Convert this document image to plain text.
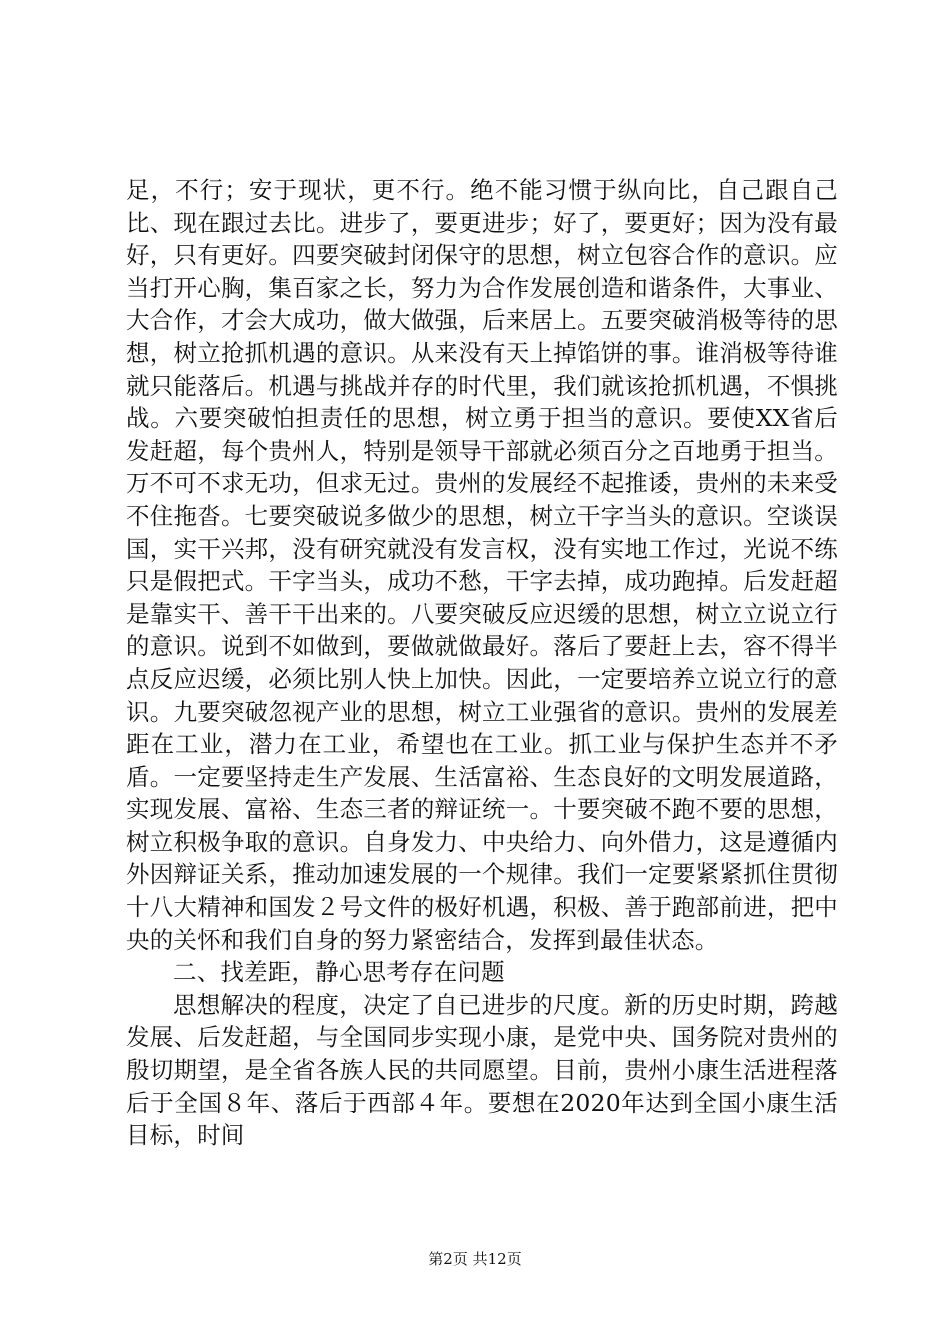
足，不行；安于现状，更不行。绝不能习惯于纵向比，自己跟自己比、现在跟过去比。进步了，要更进步；好了，要更好；因为没有最好，只有更好。四要突破封闭保守的思想，树立包容合作的意识。应当打开心胸，集百家之长，努力为合作发展创造和谐条件，大事业、大合作，才会大成功，做大做强，后来居上。五要突破消极等待的思想，树立抢抓机遇的意识。从来没有天上掉馅饼的事。谁消极等待谁就只能落后。机遇与挑战并存的时代里，我们就该抢抓机遇，不惧挑战。六要突破怕担责任的思想，树立勇于担当的意识。要使XX省后发赶超，每个贵州人，特别是领导干部就必须百分之百地勇于担当。万不可不求无功，但求无过。贵州的发展经不起推诿，贵州的未来受不住拖沓。七要突破说多做少的思想，树立干字当头的意识。空谈误国，实干兴邦，没有研究就没有发言权，没有实地工作过，光说不练只是假把式。干字当头，成功不愁，干字去掉，成功跑掉。后发赶超是靠实干、善干干出来的。八要突破反应迟缓的思想，树立立说立行的意识。说到不如做到，要做就做最好。落后了要赶上去，容不得半点反应迟缓，必须比别人快上加快。因此，一定要培养立说立行的意识。九要突破忽视产业的思想，树立工业强省的意识。贵州的发展差距在工业，潜力在工业，希望也在工业。抓工业与保护生态并不矛盾。一定要坚持走生产发展、生活富裕、生态良好的文明发展道路，实现发展、富裕、生态三者的辩证统一。十要突破不跑不要的思想，树立积极争取的意识。自身发力、中央给力、向外借力，这是遵循内外因辩证关系，推动加速发展的一个规律。我们一定要紧紧抓住贯彻十八大精神和国发２号文件的极好机遇，积极、善于跑部前进，把中央的关怀和我们自身的努力紧密结合，发挥到最佳状态。

二、找差距，静心思考存在问题

思想解决的程度，决定了自已进步的尺度。新的历史时期，跨越发展、后发赶超，与全国同步实现小康，是党中央、国务院对贵州的殷切期望，是全省各族人民的共同愿望。目前，贵州小康生活进程落后于全国８年、落后于西部４年。要想在2020年达到全国小康生活目标，时间

第2页 共12页
